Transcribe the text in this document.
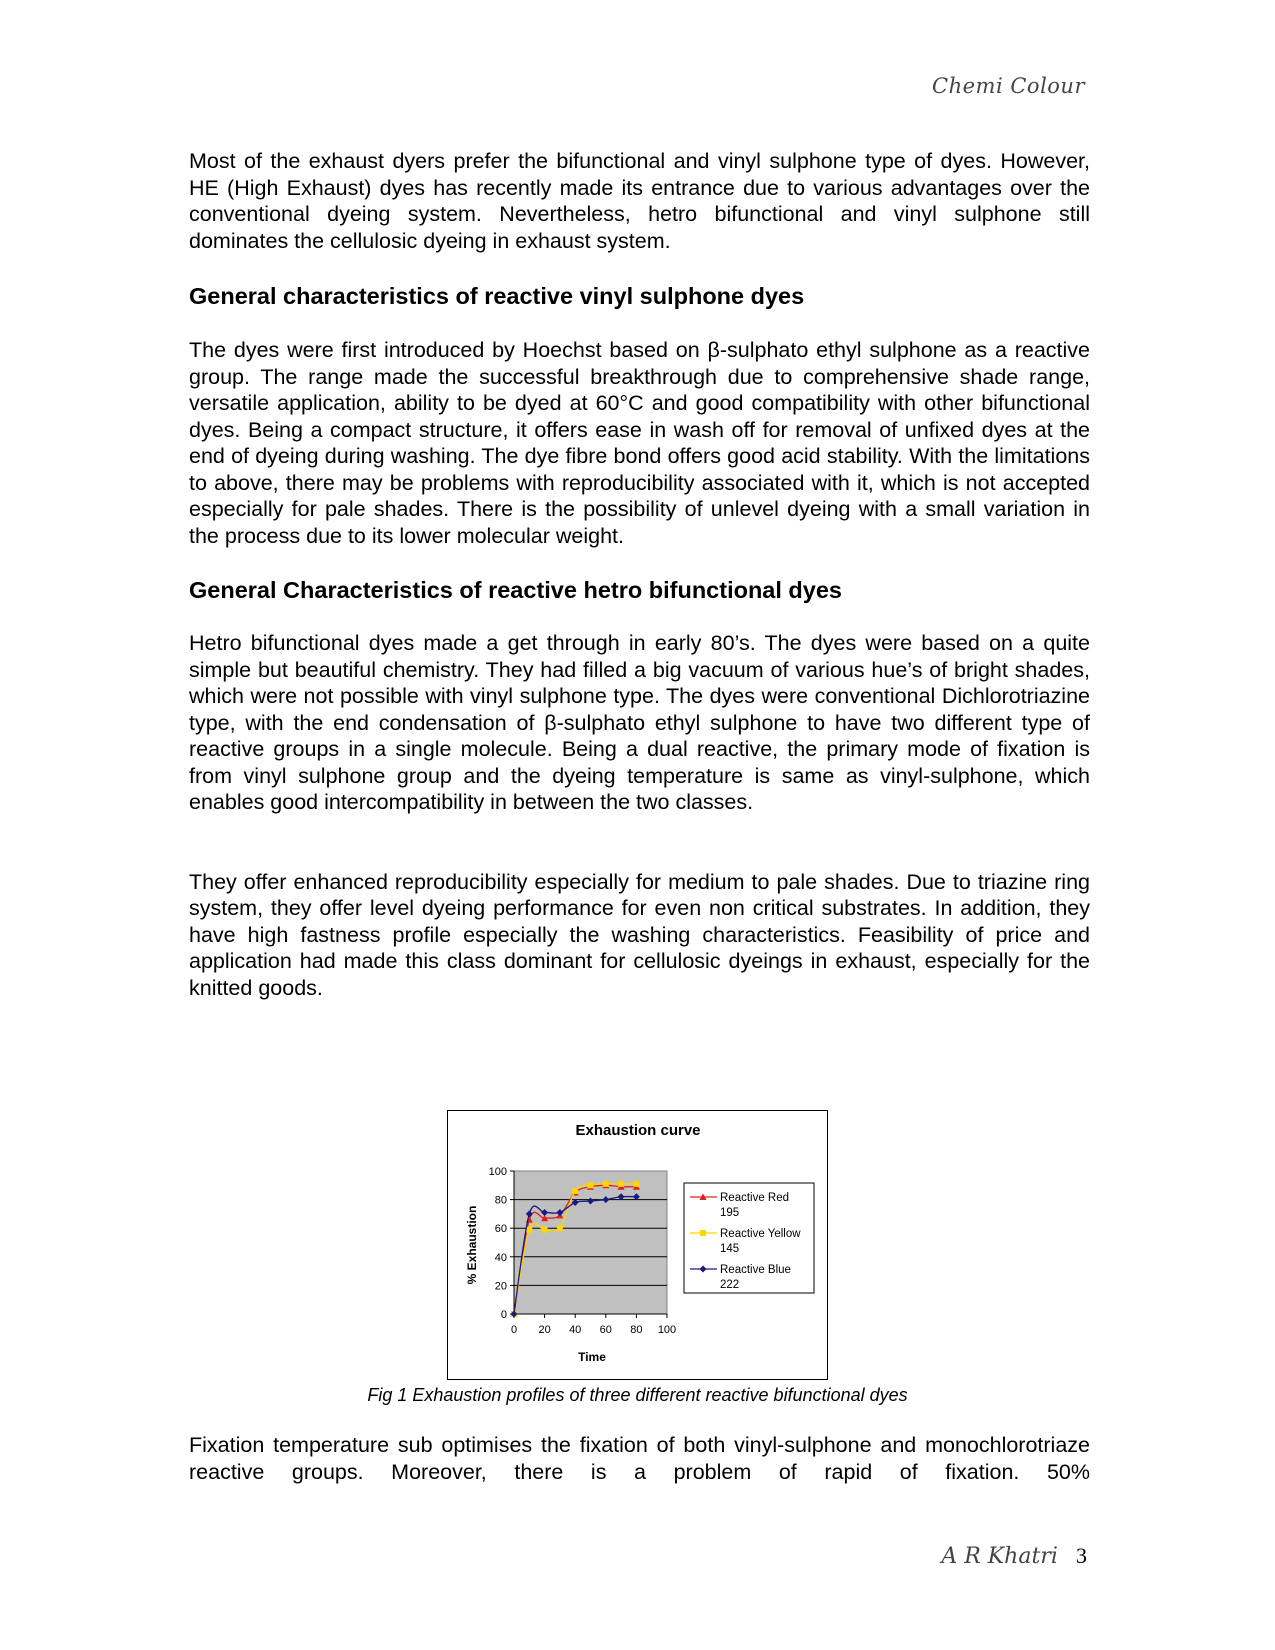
Chemi Colour

Most of the exhaust dyers prefer the bifunctional and vinyl sulphone type of dyes. However, HE (High Exhaust) dyes has recently made its entrance due to various advantages over the conventional dyeing system. Nevertheless, hetro bifunctional and vinyl sulphone still dominates the cellulosic dyeing in exhaust system.

General characteristics of reactive vinyl sulphone dyes

The dyes were first introduced by Hoechst based on β-sulphato ethyl sulphone as a reactive group. The range made the successful breakthrough due to comprehensive shade range, versatile application, ability to be dyed at 60°C and good compatibility with other bifunctional dyes. Being a compact structure, it offers ease in wash off for removal of unfixed dyes at the end of dyeing during washing. The dye fibre bond offers good acid stability. With the limitations to above, there may be problems with reproducibility associated with it, which is not accepted especially for pale shades. There is the possibility of unlevel dyeing with a small variation in the process due to its lower molecular weight.

General Characteristics of reactive hetro bifunctional dyes

Hetro bifunctional dyes made a get through in early 80’s. The dyes were based on a quite simple but beautiful chemistry. They had filled a big vacuum of various hue’s of bright shades, which were not possible with vinyl sulphone type. The dyes were conventional Dichlorotriazine type, with the end condensation of β-sulphato ethyl sulphone to have two different type of reactive groups in a single molecule. Being a dual reactive, the primary mode of fixation is from vinyl sulphone group and the dyeing temperature is same as vinyl-sulphone, which enables good intercompatibility in between the two classes.

They offer enhanced reproducibility especially for medium to pale shades. Due to triazine ring system, they offer level dyeing performance for even non critical substrates. In addition, they have high fastness profile especially the washing characteristics. Feasibility of price and application had made this class dominant for cellulosic dyeings in exhaust, especially for the knitted goods.

Exhaustion curve
% Exhaustion
Time
0
20
40
60
80
100
0 20 40 60 80 100
Reactive Red
195
Reactive Yellow
145
Reactive Blue
222
Fig 1 Exhaustion profiles of three different reactive bifunctional dyes

Fixation temperature sub optimises the fixation of both vinyl-sulphone and monochlorotriaze reactive groups. Moreover, there is a problem of rapid of fixation. 50%

A R Khatri 3
